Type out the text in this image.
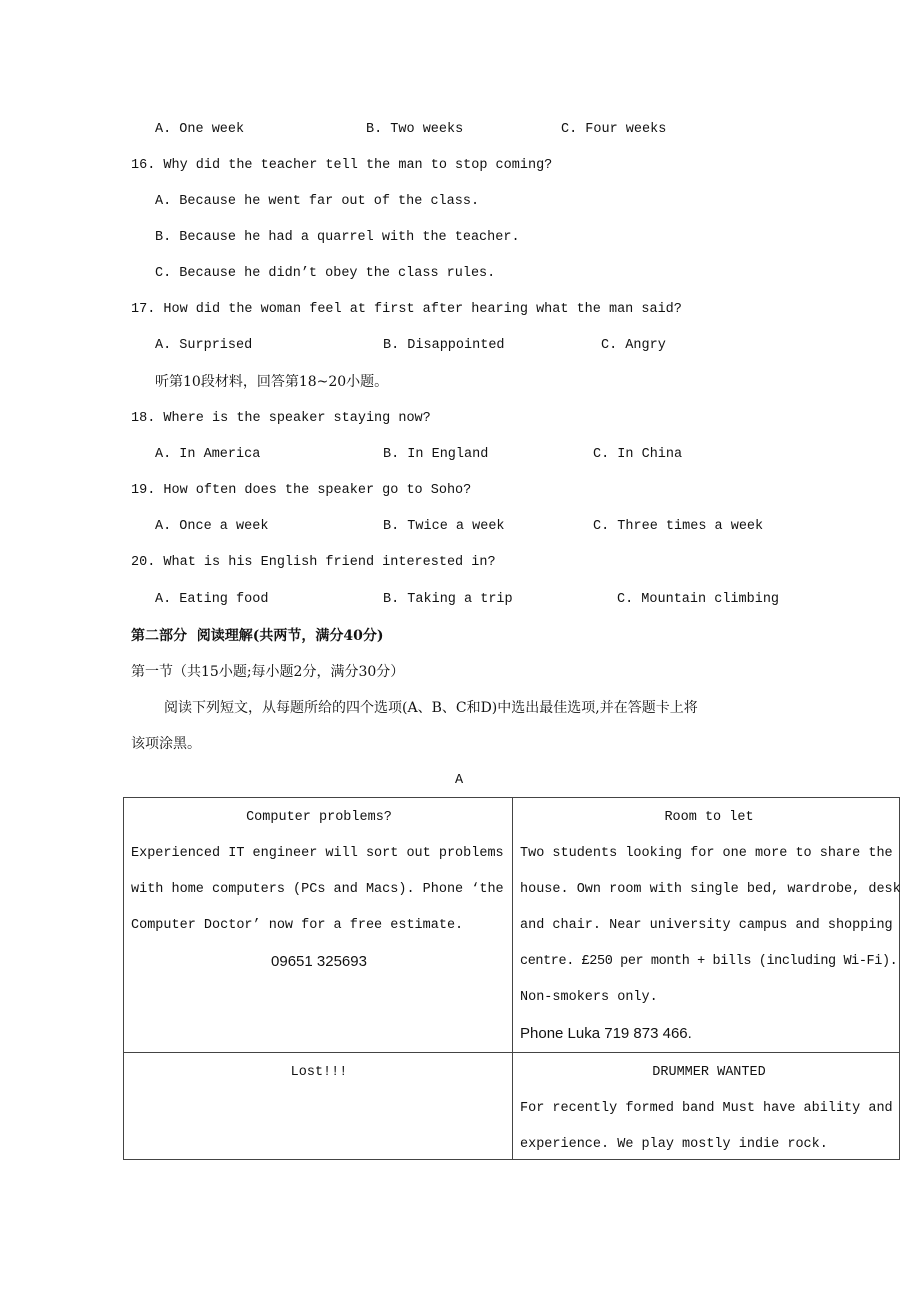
A. One week	B. Two weeks	C. Four weeks
16. Why did the teacher tell the man to stop coming?
A. Because he went far out of the class.
B. Because he had a quarrel with the teacher.
C. Because he didn’t obey the class rules.
17. How did the woman feel at first after hearing what the man said?
A. Surprised	B. Disappointed	C. Angry
听第10段材料，回答第18~20小题。
18. Where is the speaker staying now?
A. In America	B. In England	C. In China
19. How often does the speaker go to Soho?
A. Once a week	B. Twice a week	C. Three times a week
20. What is his English friend interested in?
A. Eating food	B. Taking a trip	C. Mountain climbing
第二部分  阅读理解(共两节，满分40分)
第一节（共15小题;每小题2分，满分30分）
阅读下列短文，从每题所给的四个选项(A、B、C和D)中选出最佳选项,并在答题卡上将
该项涂黑。
A
Computer problems?
Experienced IT engineer will sort out problems
with home computers (PCs and Macs). Phone ‘the
Computer Doctor’ now for a free estimate.
09651 325693
Room to let
Two students looking for one more to share the
house. Own room with single bed, wardrobe, desk
and chair. Near university campus and shopping
centre. £250 per month + bills (including Wi-Fi).
Non-smokers only.
Phone Luka 719 873 466.
Lost!!!	DRUMMER WANTED
For recently formed band Must have ability and
experience. We play mostly indie rock.
